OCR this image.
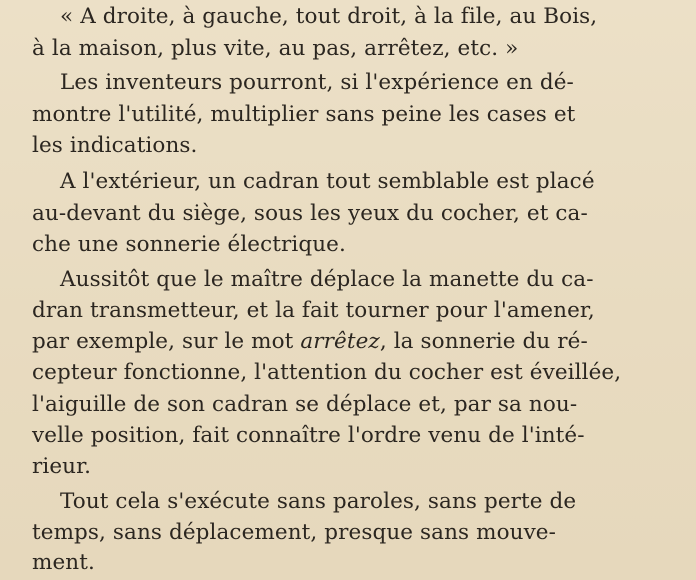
« A droite, à gauche, tout droit, à la file, au Bois,
à la maison, plus vite, au pas, arrêtez, etc. »
Les inventeurs pourront, si l'expérience en dé-
montre l'utilité, multiplier sans peine les cases et
les indications.
A l'extérieur, un cadran tout semblable est placé
au-devant du siège, sous les yeux du cocher, et ca-
che une sonnerie électrique.
Aussitôt que le maître déplace la manette du ca-
dran transmetteur, et la fait tourner pour l'amener,
par exemple, sur le mot arrêtez, la sonnerie du ré-
cepteur fonctionne, l'attention du cocher est éveillée,
l'aiguille de son cadran se déplace et, par sa nou-
velle position, fait connaître l'ordre venu de l'inté-
rieur.
Tout cela s'exécute sans paroles, sans perte de
temps, sans déplacement, presque sans mouve-
ment.
